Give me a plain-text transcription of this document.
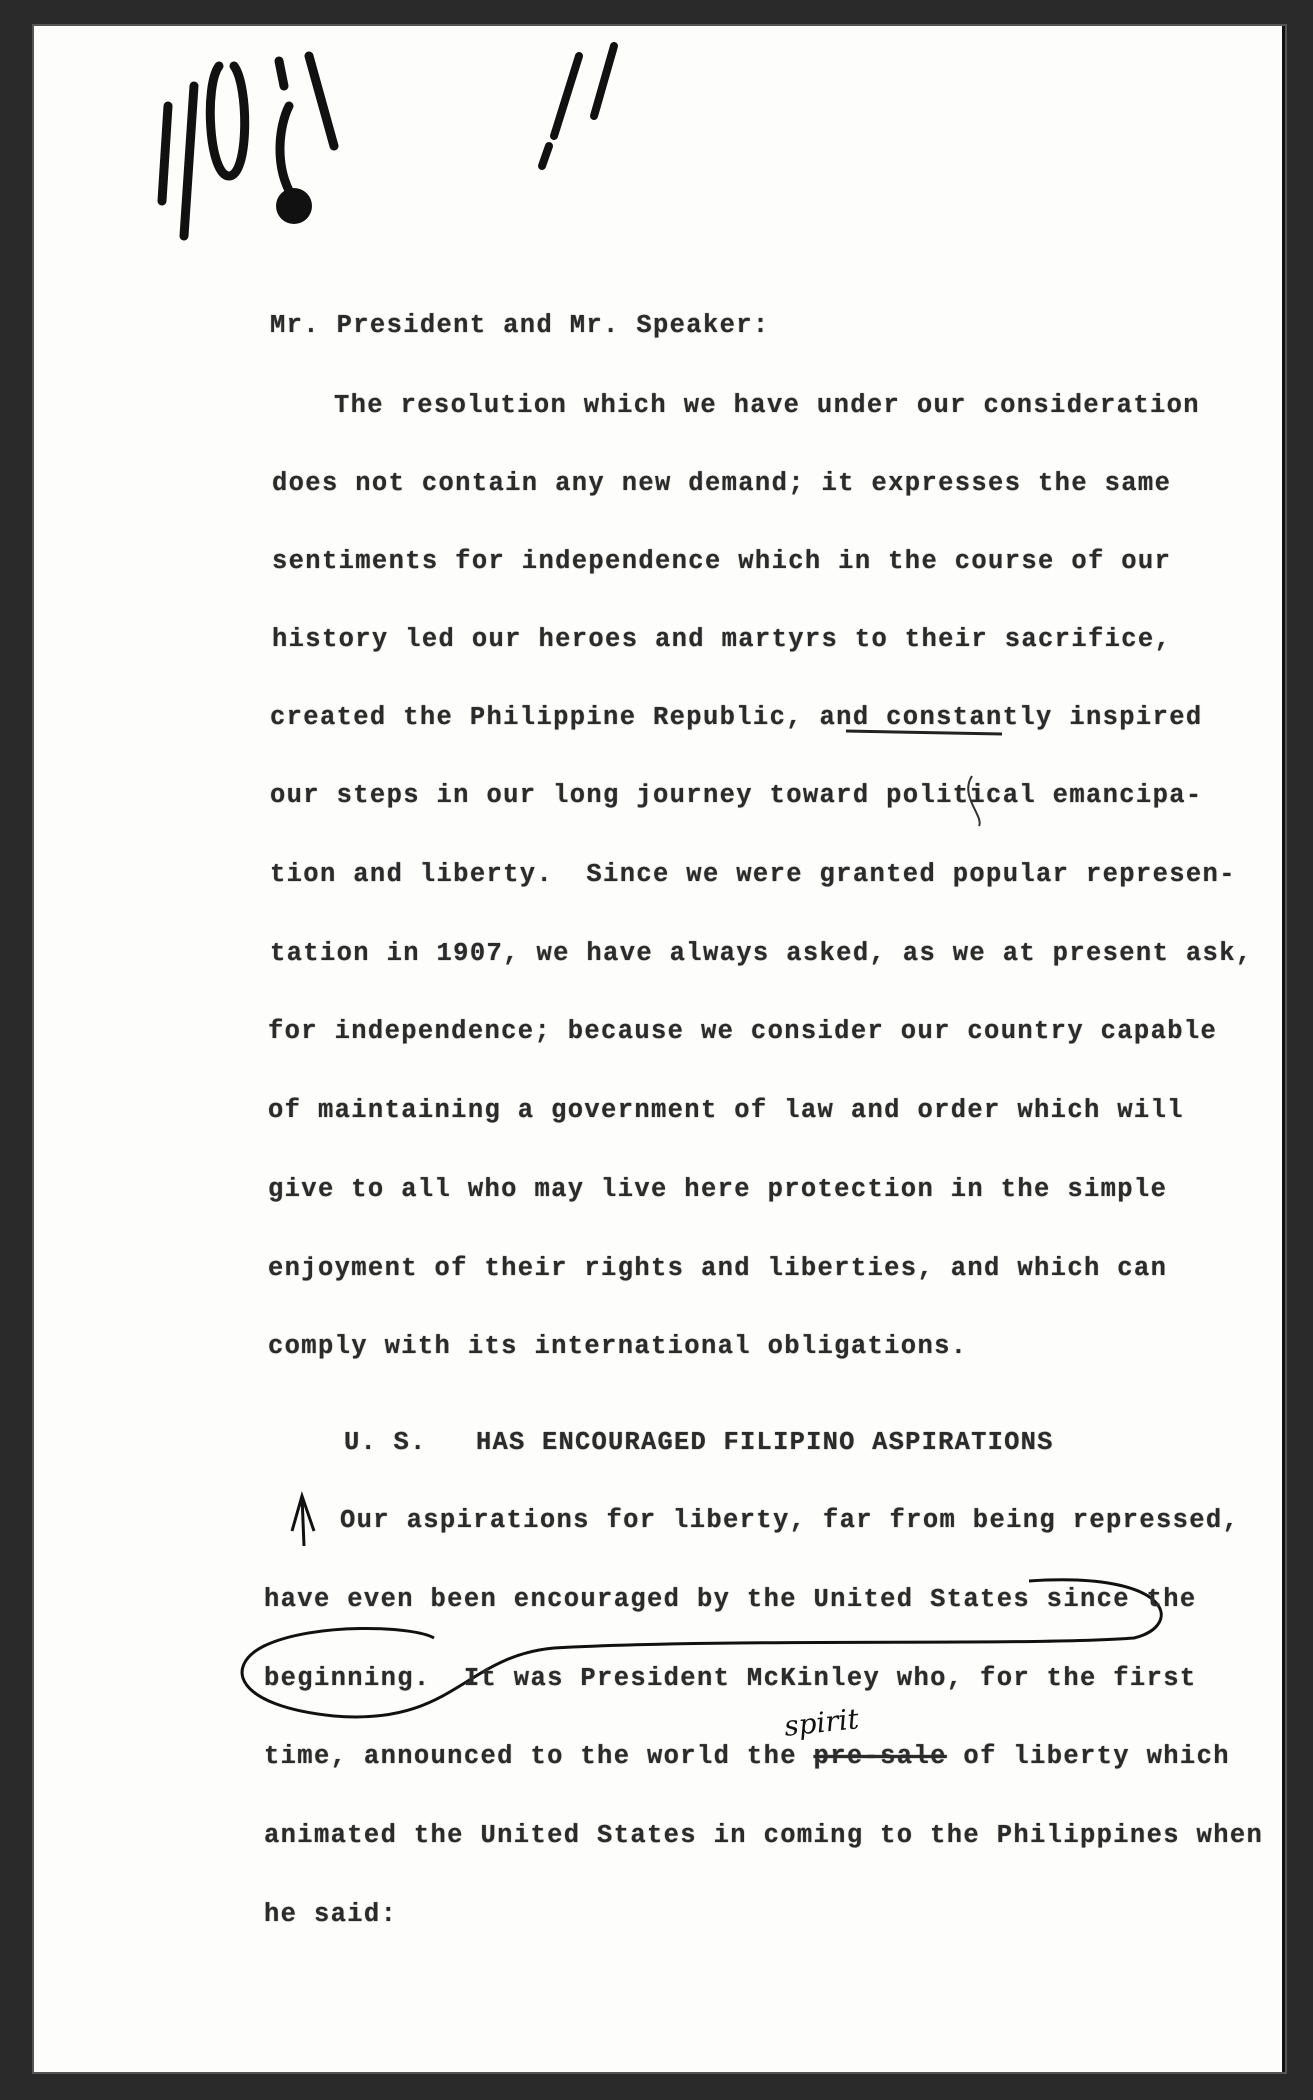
Mr. President and Mr. Speaker:
The resolution which we have under our consideration
does not contain any new demand; it expresses the same
sentiments for independence which in the course of our
history led our heroes and martyrs to their sacrifice,
created the Philippine Republic, and constantly inspired
our steps in our long journey toward political emancipa-
tion and liberty.  Since we were granted popular represen-
tation in 1907, we have always asked, as we at present ask,
for independence; because we consider our country capable
of maintaining a government of law and order which will
give to all who may live here protection in the simple
enjoyment of their rights and liberties, and which can
comply with its international obligations.
U. S.   HAS ENCOURAGED FILIPINO ASPIRATIONS
Our aspirations for liberty, far from being repressed,
have even been encouraged by the United States since the
beginning.  It was President McKinley who, for the first
time, announced to the world the pre-sale of liberty which
animated the United States in coming to the Philippines when
he said:
spirit
